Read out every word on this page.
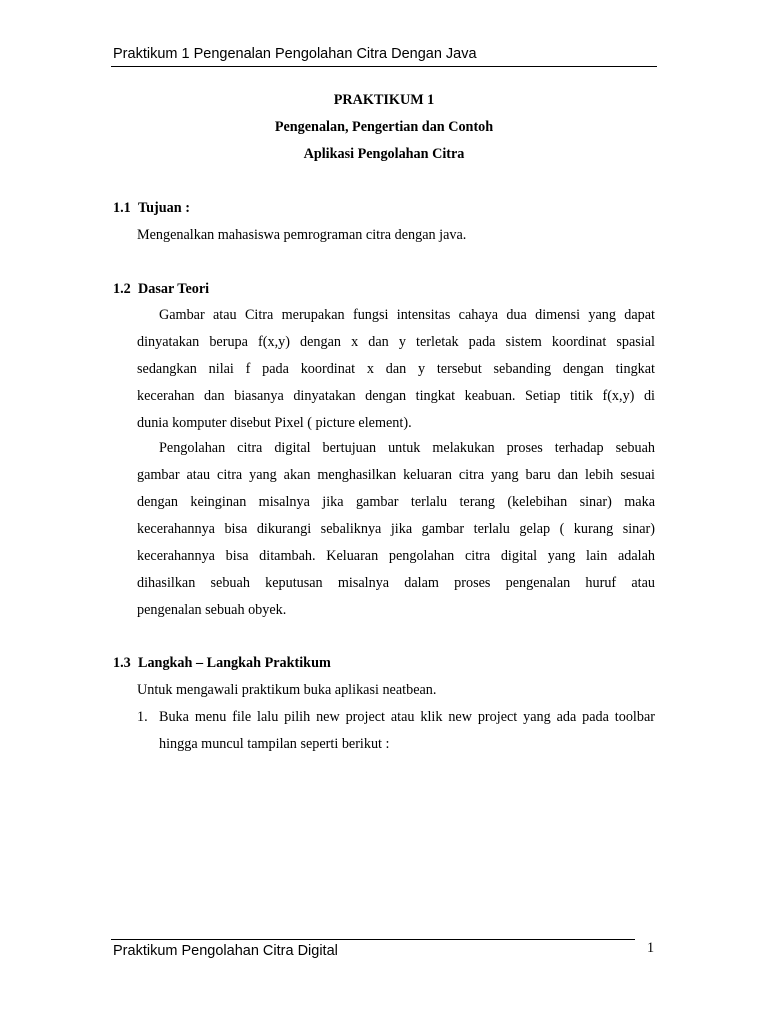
Praktikum 1 Pengenalan Pengolahan Citra Dengan Java
PRAKTIKUM 1
Pengenalan, Pengertian dan Contoh
Aplikasi Pengolahan Citra
1.1 Tujuan :
Mengenalkan mahasiswa pemrograman citra dengan java.
1.2 Dasar Teori
Gambar atau Citra merupakan fungsi intensitas cahaya dua dimensi yang dapat
dinyatakan berupa f(x,y) dengan x dan y terletak pada sistem koordinat spasial
sedangkan nilai f pada koordinat x dan y tersebut sebanding dengan tingkat
kecerahan dan biasanya dinyatakan dengan tingkat keabuan. Setiap titik f(x,y) di
dunia komputer disebut Pixel ( picture element).
Pengolahan citra digital bertujuan untuk melakukan proses terhadap sebuah
gambar atau citra yang akan menghasilkan keluaran citra yang baru dan lebih sesuai
dengan keinginan misalnya jika gambar terlalu terang (kelebihan sinar) maka
kecerahannya bisa dikurangi sebaliknya jika gambar terlalu gelap ( kurang sinar)
kecerahannya bisa ditambah. Keluaran pengolahan citra digital yang lain adalah
dihasilkan sebuah keputusan misalnya dalam proses pengenalan huruf atau
pengenalan sebuah obyek.
1.3 Langkah – Langkah Praktikum
Untuk mengawali praktikum buka aplikasi neatbean.
1. Buka menu file lalu pilih new project atau klik new project yang ada pada toolbar
hingga muncul tampilan seperti berikut :
Praktikum Pengolahan Citra Digital	1
